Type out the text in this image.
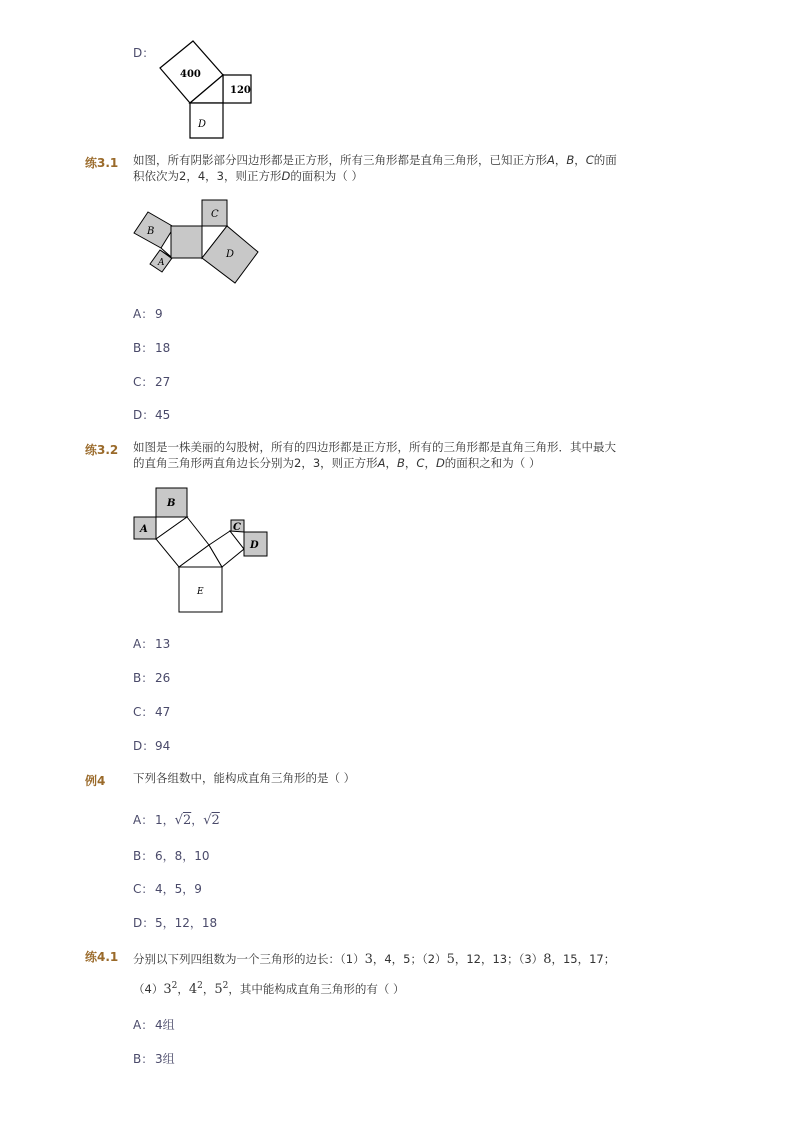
D：
400
120
D
练3.1 如图，所有阴影部分四边形都是正方形，所有三角形都是直角三角形，已知正方形A，B，C的面
积依次为2，4，3，则正方形D的面积为（ ）
B
A
C
D
A： 9
B： 18
C： 27
D：45
练3.2 如图是一株美丽的勾股树，所有的四边形都是正方形，所有的三角形都是直角三角形．其中最大
的直角三角形两直角边长分别为2，3，则正方形A，B，C，D的面积之和为（ ）
B
A	C
D
E
A： 13
B： 26
C： 47
D：94
例4 下列各组数中，能构成直角三角形的是（ ）
A： 1，√2，√2
B： 6，8，10
C： 4，5，9
D：5，12，18
练4.1 分别以下列四组数为一个三角形的边长：（1）3，4，5；（2）5，12，13；（3）8，15，17；
$(4)3^2$，$4^2$，$5^2$，其中能构成直角三角形的有（ ）
A： 4组
B： 3组
